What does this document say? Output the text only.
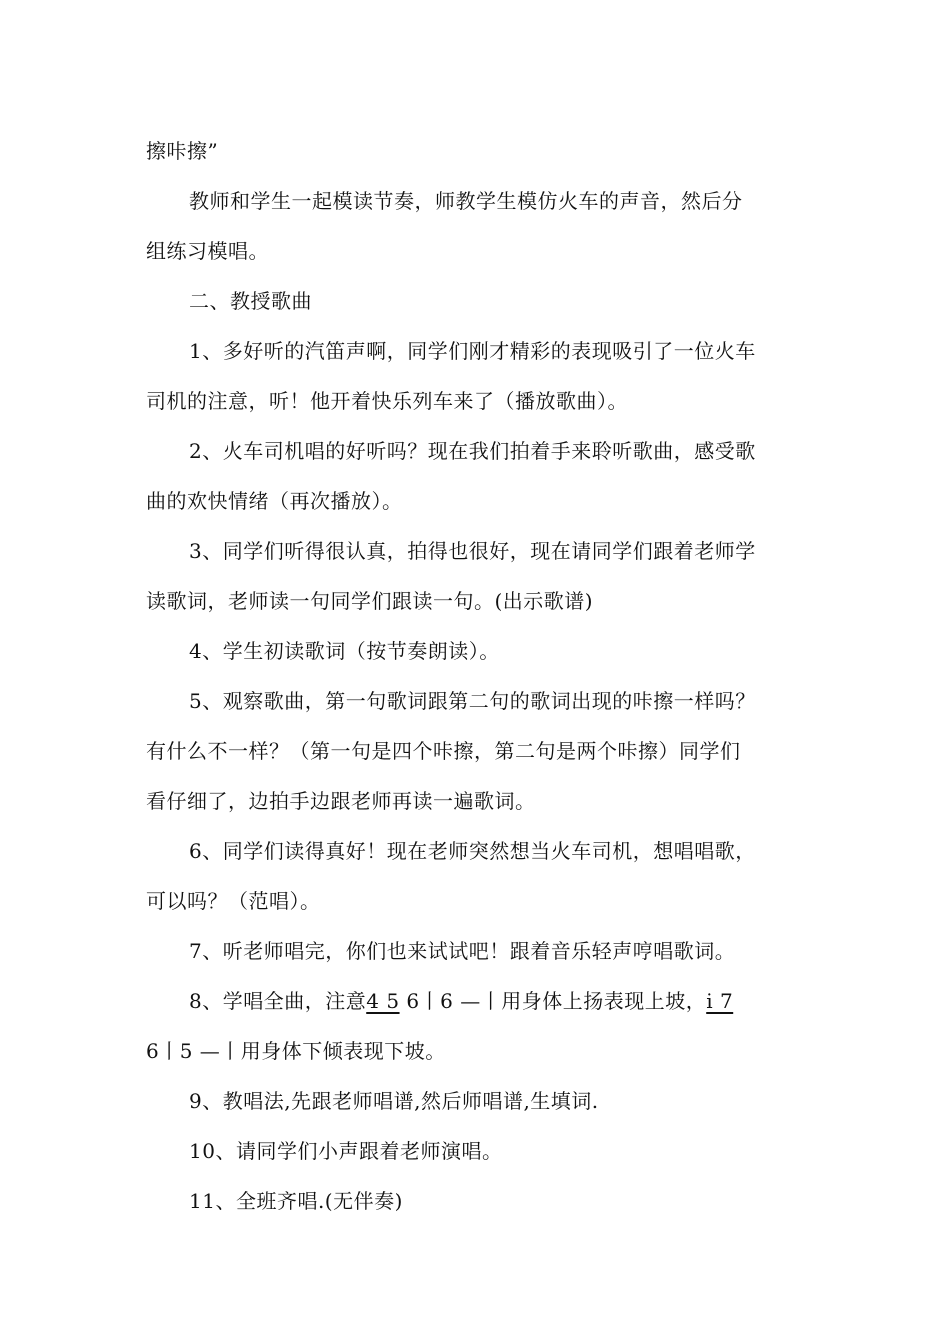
擦咔擦”
教师和学生一起模读节奏，师教学生模仿火车的声音，然后分
组练习模唱。
二、教授歌曲
1、多好听的汽笛声啊，同学们刚才精彩的表现吸引了一位火车
司机的注意，听！他开着快乐列车来了（播放歌曲）。
2、火车司机唱的好听吗？现在我们拍着手来聆听歌曲，感受歌
曲的欢快情绪（再次播放）。
3、同学们听得很认真，拍得也很好，现在请同学们跟着老师学
读歌词，老师读一句同学们跟读一句。(出示歌谱)
4、学生初读歌词（按节奏朗读）。
5、观察歌曲，第一句歌词跟第二句的歌词出现的咔擦一样吗？
有什么不一样？（第一句是四个咔擦，第二句是两个咔擦）同学们
看仔细了，边拍手边跟老师再读一遍歌词。
6、同学们读得真好！现在老师突然想当火车司机，想唱唱歌，
可以吗？（范唱）。
7、听老师唱完，你们也来试试吧！跟着音乐轻声哼唱歌词。
8、学唱全曲，注意4 5 6丨6 —丨用身体上扬表现上坡，i 7
6丨5 —丨用身体下倾表现下坡。
9、教唱法,先跟老师唱谱,然后师唱谱,生填词.
10、请同学们小声跟着老师演唱。
11、全班齐唱.(无伴奏)
